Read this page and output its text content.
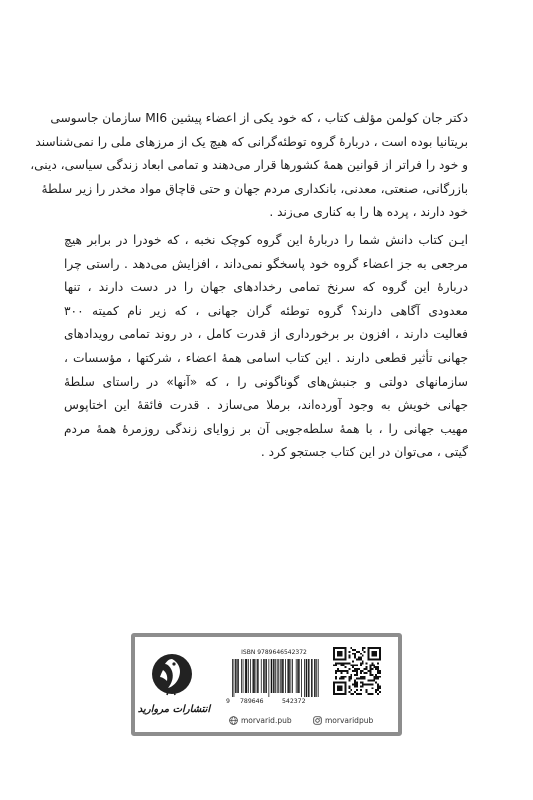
دکتر جان کولمن مؤلف کتاب ، که خود یکی از اعضاء پیشین MI6 سازمان جاسوسی
بریتانیا بوده است ، دربارهٔ گروه توطئه‌گرانی که هیچ یک از مرزهای ملی را نمی‌شناسند
و خود را فراتر از قوانین همهٔ کشورها قرار می‌دهند و تمامی ابعاد زندگی سیاسی، دینی،
بازرگانی، صنعتی، معدنی، بانکداری مردم جهان و حتی قاچاق مواد مخدر را زیر سلطهٔ
خود دارند ، پرده ها را به کناری می‌زند .

ایـن کتاب دانش شما را دربارهٔ این گروه کوچک نخبه ، که خودرا در برابر هیچ
مرجعی به جز اعضاء گروه خود پاسخگو نمی‌داند ، افزایش می‌دهد . راستی چرا
دربارهٔ این گروه که سرنخ تمامی رخدادهای جهان را در دست دارند ، تنها
معدودی آگاهی دارند؟ گروه توطئه گران جهانی ، که زیر نام کمیته ۳۰۰
فعالیت دارند ، افزون بر برخورداری از قدرت کامل ، در روند تمامی رویدادهای
جهانی تأثیر قطعی دارند . این کتاب اسامی همهٔ اعضاء ، شرکتها ، مؤسسات ،
سازمانهای دولتی و جنبش‌های گوناگونی را ، که «آنها» در راستای سلطهٔ
جهانی خویش به وجود آورده‌اند، برملا می‌سازد . قدرت فائقهٔ این اختاپوس
مهیب جهانی را ، با همهٔ سلطه‌جویی آن بر زوایای زندگی روزمرهٔ همهٔ مردم
گیتی ، می‌توان در این کتاب جستجو کرد .

انتشارات مروارید
ISBN 9789646542372
9 789646	542372
morvarid.pub	morvaridpub
